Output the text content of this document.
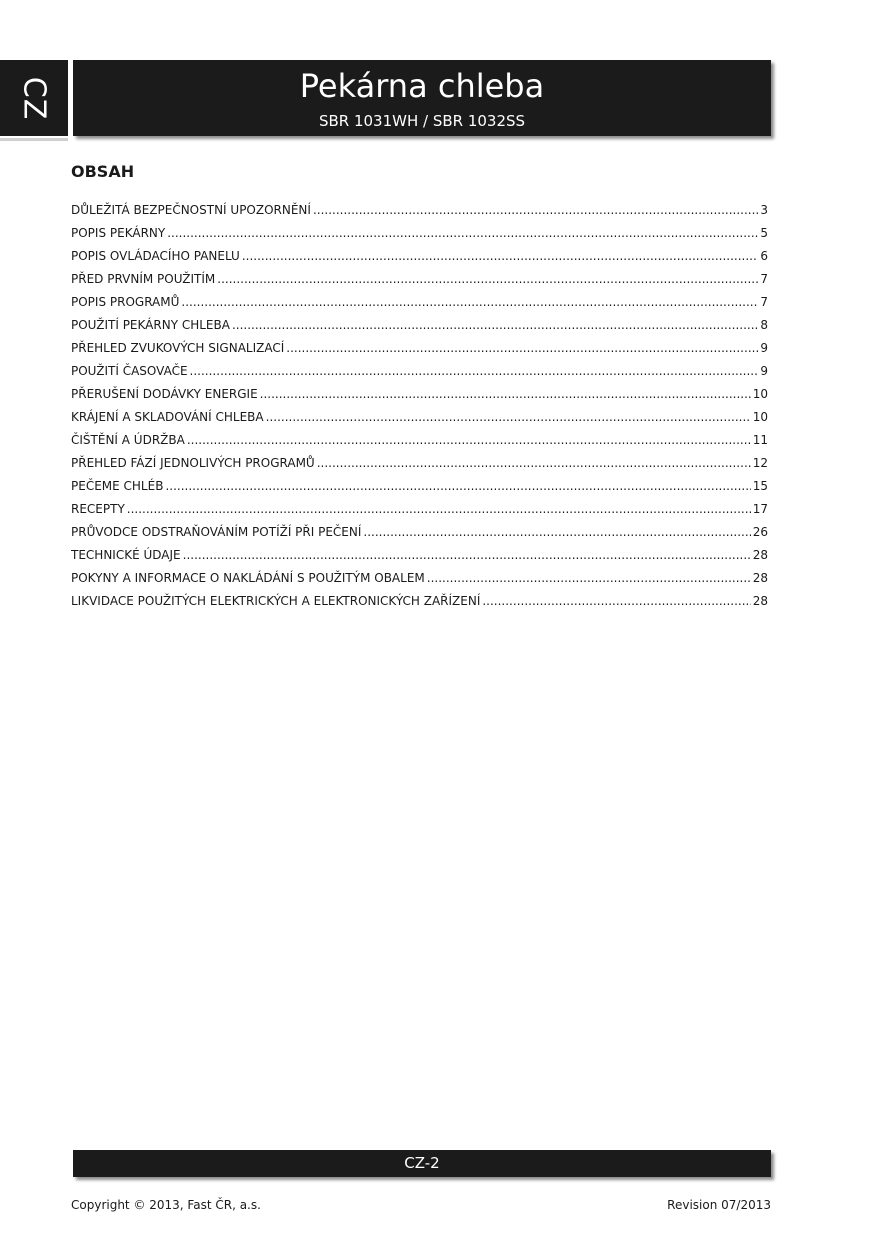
CZ	Pekárna chleba
SBR 1031WH / SBR 1032SS
OBSAH
DŮLEŽITÁ BEZPEČNOSTNÍ UPOZORNĚNÍ .....	3
POPIS PEKÁRNY .....	5
POPIS OVLÁDACÍHO PANELU .....	6
PŘED PRVNÍM POUŽITÍM .....	7
POPIS PROGRAMŮ .....	7
POUŽITÍ PEKÁRNY CHLEBA .....	8
PŘEHLED ZVUKOVÝCH SIGNALIZACÍ .....	9
POUŽITÍ ČASOVAČE .....	9
PŘERUŠENÍ DODÁVKY ENERGIE .....	10
KRÁJENÍ A SKLADOVÁNÍ CHLEBA .....	10
ČIŠTĚNÍ A ÚDRŽBA .....	11
PŘEHLED FÁZÍ JEDNOLIVÝCH PROGRAMŮ .....	12
PEČEME CHLÉB .....	15
RECEPTY .....	17
PRŮVODCE ODSTRAŇOVÁNÍM POTÍŽÍ PŘI PEČENÍ .....	26
TECHNICKÉ ÚDAJE .....	28
POKYNY A INFORMACE O NAKLÁDÁNÍ S POUŽITÝM OBALEM .....	28
LIKVIDACE POUŽITÝCH ELEKTRICKÝCH A ELEKTRONICKÝCH ZAŘÍZENÍ .....	28
CZ-2
Copyright © 2013, Fast ČR, a.s.	Revision 07/2013
